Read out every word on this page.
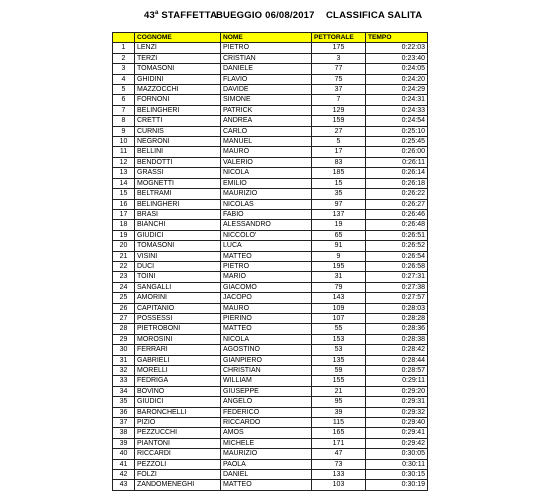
43$^a$ STAFFETTA
BUEGGIO 06/08/2017 CLASSIFICA SALITA
	COGNOME	NOME	PETTORALE	TEMPO
1	LENZI	PIETRO	175	0:22:03
2	TERZI	CRISTIAN	3	0:23:40
3	TOMASONI	DANIELE	77	0:24:05
4	GHIDINI	FLAVIO	75	0:24:20
5	MAZZOCCHI	DAVIDE	37	0:24:29
6	FORNONI	SIMONE	7	0:24:31
7	BELINGHERI	PATRICK	129	0:24:33
8	CRETTI	ANDREA	159	0:24:54
9	CURNIS	CARLO	27	0:25:10
10	NEGRONI	MANUEL	5	0:25:45
11	BELLINI	MAURO	17	0:26:00
12	BENDOTTI	VALERIO	83	0:26:11
13	GRASSI	NICOLA	185	0:26:14
14	MOGNETTI	EMILIO	15	0:26:18
15	BELTRAMI	MAURIZIO	35	0:26:22
16	BELINGHERI	NICOLAS	97	0:26:27
17	BRASI	FABIO	137	0:26:46
18	BIANCHI	ALESSANDRO	19	0:26:48
19	GIUDICI	NICCOLO'	65	0:26:51
20	TOMASONI	LUCA	91	0:26:52
21	VISINI	MATTEO	9	0:26:54
22	DUCI	PIETRO	195	0:26:58
23	TOINI	MARIO	31	0:27:31
24	SANGALLI	GIACOMO	79	0:27:38
25	AMORINI	JACOPO	143	0:27:57
26	CAPITANIO	MAURO	109	0:28:03
27	POSSESSI	PIERINO	107	0:28:28
28	PIETROBONI	MATTEO	55	0:28:36
29	MOROSINI	NICOLA	153	0:28:38
30	FERRARI	AGOSTINO	53	0:28:42
31	GABRIELI	GIANPIERO	135	0:28:44
32	MORELLI	CHRISTIAN	59	0:28:57
33	FEDRIGA	WILLIAM	155	0:29:11
34	BOVINO	GIUSEPPE	21	0:29:20
35	GIUDICI	ANGELO	95	0:29:31
36	BARONCHELLI	FEDERICO	39	0:29:32
37	PIZIO	RICCARDO	115	0:29:40
38	PEZZUCCHI	AMOS	165	0:29:41
39	PIANTONI	MICHELE	171	0:29:42
40	RICCARDI	MAURIZIO	47	0:30:05
41	PEZZOLI	PAOLA	73	0:30:11
42	FOLZI	DANIEL	133	0:30:15
43	ZANDOMENEGHI	MATTEO	103	0:30:19
